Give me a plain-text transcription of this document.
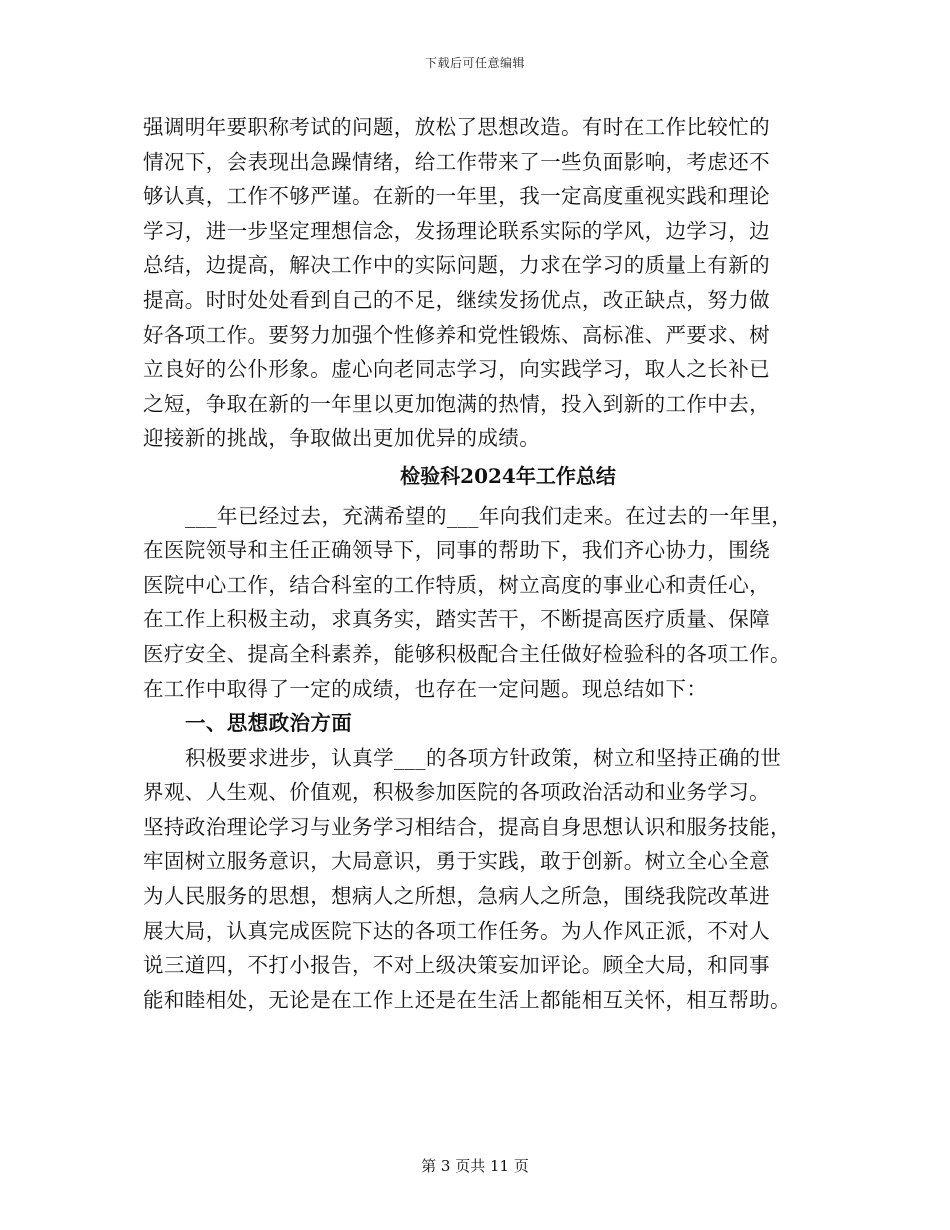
下载后可任意编辑
强调明年要职称考试的问题，放松了思想改造。有时在工作比较忙的
情况下，会表现出急躁情绪，给工作带来了一些负面影响，考虑还不
够认真，工作不够严谨。在新的一年里，我一定高度重视实践和理论
学习，进一步坚定理想信念，发扬理论联系实际的学风，边学习，边
总结，边提高，解决工作中的实际问题，力求在学习的质量上有新的
提高。时时处处看到自己的不足，继续发扬优点，改正缺点，努力做
好各项工作。要努力加强个性修养和党性锻炼、高标准、严要求、树
立良好的公仆形象。虚心向老同志学习，向实践学习，取人之长补已
之短，争取在新的一年里以更加饱满的热情，投入到新的工作中去，
迎接新的挑战，争取做出更加优异的成绩。
检验科2024年工作总结
___年已经过去，充满希望的___年向我们走来。在过去的一年里，
在医院领导和主任正确领导下，同事的帮助下，我们齐心协力，围绕
医院中心工作，结合科室的工作特质，树立高度的事业心和责任心，
在工作上积极主动，求真务实，踏实苦干，不断提高医疗质量、保障
医疗安全、提高全科素养，能够积极配合主任做好检验科的各项工作。
在工作中取得了一定的成绩，也存在一定问题。现总结如下：
一、思想政治方面
积极要求进步，认真学___的各项方针政策，树立和坚持正确的世
界观、人生观、价值观，积极参加医院的各项政治活动和业务学习。
坚持政治理论学习与业务学习相结合，提高自身思想认识和服务技能，
牢固树立服务意识，大局意识，勇于实践，敢于创新。树立全心全意
为人民服务的思想，想病人之所想，急病人之所急，围绕我院改革进
展大局，认真完成医院下达的各项工作任务。为人作风正派，不对人
说三道四，不打小报告，不对上级决策妄加评论。顾全大局，和同事
能和睦相处，无论是在工作上还是在生活上都能相互关怀，相互帮助。
第 3 页共 11 页
